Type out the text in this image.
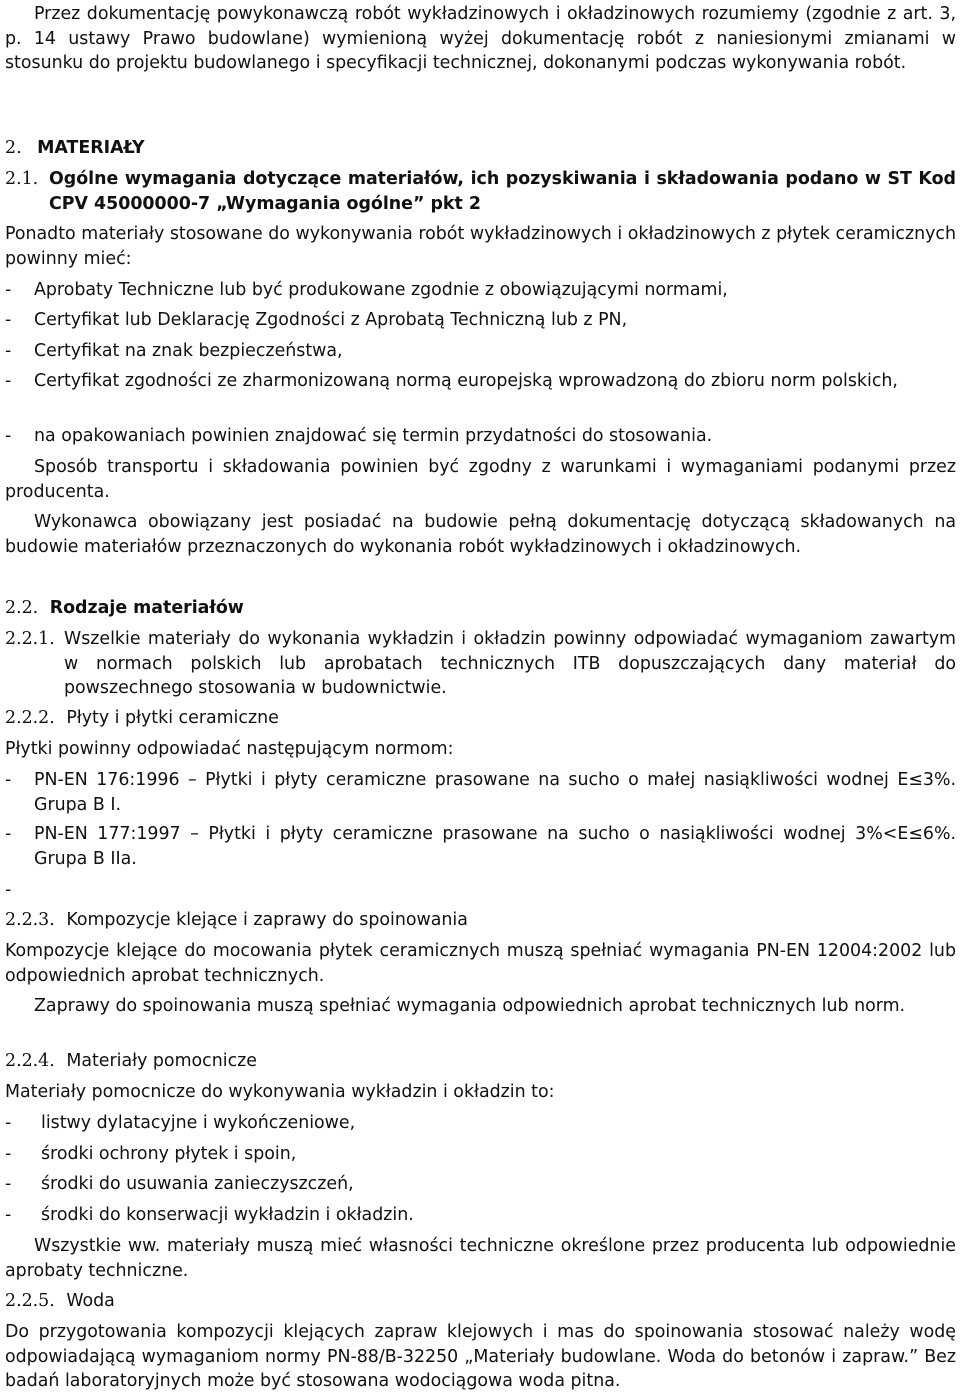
Przez dokumentację powykonawczą robót wykładzinowych i okładzinowych rozumiemy (zgodnie z art. 3, p. 14 ustawy Prawo budowlane) wymienioną wyżej dokumentację robót z naniesionymi zmianami w stosunku do projektu budowlanego i specyfikacji technicznej, dokonanymi podczas wykonywania robót.
2. MATERIAŁY
2.1. Ogólne wymagania dotyczące materiałów, ich pozyskiwania i składowania podano w ST Kod CPV 45000000-7 „Wymagania ogólne” pkt 2
Ponadto materiały stosowane do wykonywania robót wykładzinowych i okładzinowych z płytek ceramicznych powinny mieć:
- Aprobaty Techniczne lub być produkowane zgodnie z obowiązującymi normami,
- Certyfikat lub Deklarację Zgodności z Aprobatą Techniczną lub z PN,
- Certyfikat na znak bezpieczeństwa,
- Certyfikat zgodności ze zharmonizowaną normą europejską wprowadzoną do zbioru norm polskich,
- na opakowaniach powinien znajdować się termin przydatności do stosowania.
Sposób transportu i składowania powinien być zgodny z warunkami i wymaganiami podanymi przez producenta.
Wykonawca obowiązany jest posiadać na budowie pełną dokumentację dotyczącą składowanych na budowie materiałów przeznaczonych do wykonania robót wykładzinowych i okładzinowych.
2.2. Rodzaje materiałów
2.2.1. Wszelkie materiały do wykonania wykładzin i okładzin powinny odpowiadać wymaganiom zawartym w normach polskich lub aprobatach technicznych ITB dopuszczających dany materiał do powszechnego stosowania w budownictwie.
2.2.2. Płyty i płytki ceramiczne
Płytki powinny odpowiadać następującym normom:
- PN-EN 176:1996 – Płytki i płyty ceramiczne prasowane na sucho o małej nasiąkliwości wodnej E≤3%. Grupa B I.
- PN-EN 177:1997 – Płytki i płyty ceramiczne prasowane na sucho o nasiąkliwości wodnej 3%<E≤6%. Grupa B IIa.
-
2.2.3. Kompozycje klejące i zaprawy do spoinowania
Kompozycje klejące do mocowania płytek ceramicznych muszą spełniać wymagania PN-EN 12004:2002 lub odpowiednich aprobat technicznych.
Zaprawy do spoinowania muszą spełniać wymagania odpowiednich aprobat technicznych lub norm.
2.2.4. Materiały pomocnicze
Materiały pomocnicze do wykonywania wykładzin i okładzin to:
- listwy dylatacyjne i wykończeniowe,
- środki ochrony płytek i spoin,
- środki do usuwania zanieczyszczeń,
- środki do konserwacji wykładzin i okładzin.
Wszystkie ww. materiały muszą mieć własności techniczne określone przez producenta lub odpowiednie aprobaty techniczne.
2.2.5. Woda
Do przygotowania kompozycji klejących zapraw klejowych i mas do spoinowania stosować należy wodę odpowiadającą wymaganiom normy PN-88/B-32250 „Materiały budowlane. Woda do betonów i zapraw.” Bez badań laboratoryjnych może być stosowana wodociągowa woda pitna.
